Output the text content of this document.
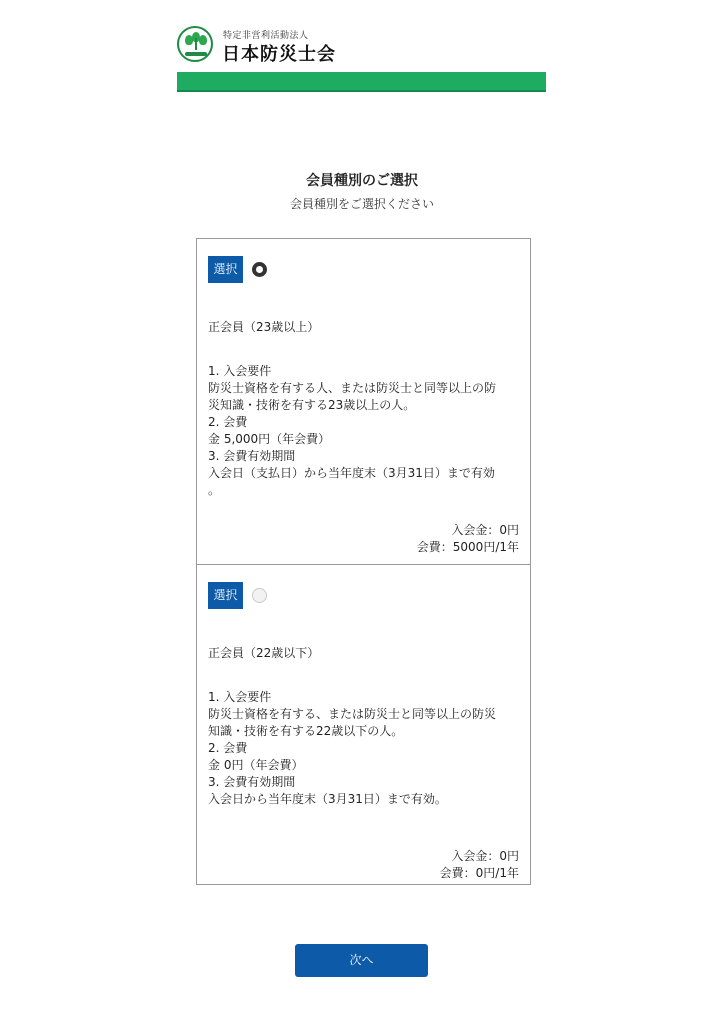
特定非営利活動法人
日本防災士会
会員種別のご選択
会員種別をご選択ください
選択
正会員（23歳以上）
1. 入会要件
防災士資格を有する人、または防災士と同等以上の防
災知識・技術を有する23歳以上の人。
2. 会費
金 5,000円（年会費）
3. 会費有効期間
入会日（支払日）から当年度末（3月31日）まで有効
。
入会金：0円
会費：5000円/1年
選択
正会員（22歳以下）
1. 入会要件
防災士資格を有する、または防災士と同等以上の防災
知識・技術を有する22歳以下の人。
2. 会費
金 0円（年会費）
3. 会費有効期間
入会日から当年度末（3月31日）まで有効。
入会金：0円
会費：0円/1年
次へ
